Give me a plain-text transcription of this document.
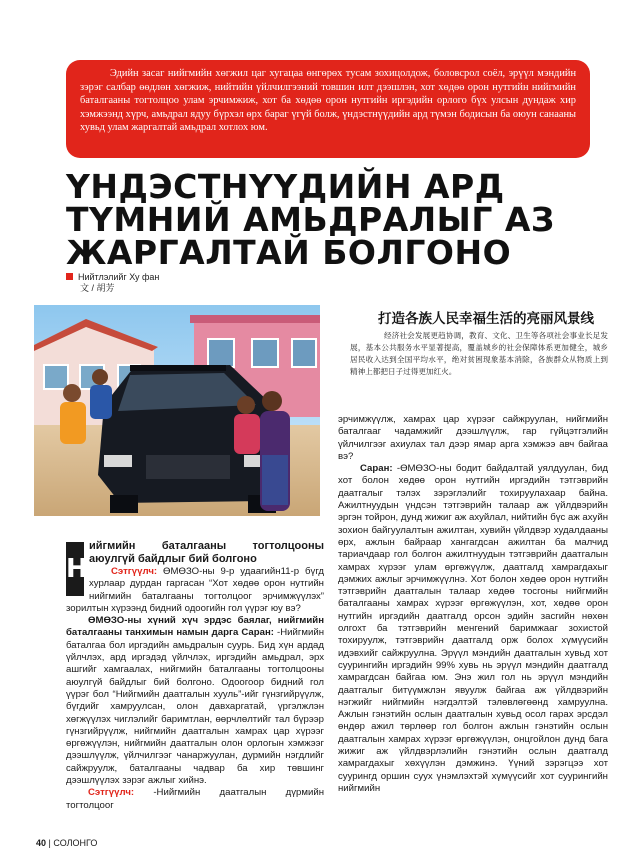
Эдийн засаг нийгмийн хөгжил цаг хугацаа өнгөрөх тусам зохицолдож, боловсрол соёл, эрүүл мэндийн зэрэг салбар өөдлөн хөгжиж, нийтийн үйлчилгээний товшин илт дээшлэн, хот хөдөө орон нутгийн нийгмийн баталгааны тогтолцоо улам эрчимжиж, хот ба хөдөө орон нутгийн иргэдийн орлого бүх улсын дундаж хир хэмжээнд хүрч, амьдрал ядуу бүрхэл өрх бараг үгүй болж, үндэстнүүдийн ард түмэн бодисын ба оюун санааны хувьд улам жаргалтай амьдрал хотлох юм.

ҮНДЭСТНҮҮДИЙН АРД
ТҮМНИЙ АМЬДРАЛЫГ АЗ
ЖАРГАЛТАЙ БОЛГОНО
Нийтлэлийг Ху фан
文 / 胡芳
打造各族人民幸福生活的亮丽风景线
经济社会发展更趋协调，教育、文化、卫生等各项社会事业长足发展，基本公共服务水平显著提高，覆盖城乡的社会保障体系更加健全，城乡居民收入达到全国平均水平，绝对贫困现象基本消除，各族群众从物质上到精神上都把日子过得更加红火。
Н

ийгмийн баталгааны тогтолцооны аюулгүй байдлыг бий болгоно

Сэтгүүлч: ӨМӨЗО-ны 9-р удаагийн11-р бүгд хурлаар дурдан гаргасан “Хот хөдөө орон нутгийн нийгмийн баталгааны тогтолцоог эрчимжүүлэх” зорилтын хүрээнд бидний одоогийн гол үүрэг юу вэ?

ӨМӨЗО-ны хүний хүч эрдэс баялаг, нийгмийн баталгааны танхимын намын дарга Саран: -Нийгмийн баталгаа бол иргэдийн амьдралын суурь. Бид хүн ардад үйлчлэх, ард иргэдэд үйлчлэх, иргэдийн амьдрал, эрх ашгийг хамгаалах, нийгмийн баталгааны тогтолцооны аюулгүй байдлыг бий болгоно. Одоогоор бидний гол үүрэг бол “Нийгмийн даатгалын хууль”-ийг гүнзгийрүүлж, бүгдийг хамруулсан, олон давхаргатай, үргэлжлэн хөгжүүлэх чиглэлийг баримтлан, өөрчлөлтийг тал бүрээр гүнзгийрүүлж, нийгмийн даатгалын хамрах цар хүрээг өргөжүүлэн, нийгмийн даатгалын олон орлогын хэмжээг дээшлүүлж, үйлчилгээг чанаржуулан, дурмийн нэгдлийг сайжруулж, баталгааны чадвар ба хир төвшинг дээшлүүлэх зэрэг ажлыг хийнэ.

Сэтгүүлч: -Нийгмийн даатгалын дүрмийн тогтолцоог

эрчимжүүлж, хамрах цар хүрээг сайжруулан, нийгмийн баталгааг чадамжийг дээшлүүлж, гар гүйцэтгэлийн үйлчилгээг ахиулах тал дээр ямар арга хэмжээ авч байгаа вэ?

Саран: -ӨМӨЗО-ны бодит байдалтай уялдуулан, бид хот болон хөдөө орон нутгийн иргэдийн тэтгэврийн даатгалыг тэлэх зэрэглэлийг тохируулахаар байна. Ажилтнуудын үндсэн тэтгэврийн талаар аж үйлдвэрийн эргэн тойрон, дунд жижиг аж ахуйлал, нийтийн бүс аж ахуйн зохион байгуулалтын ажилтан, хувийн үйлдвэр худалдааны өрх, ажлын байраар хангагдсан ажилтан ба малчид тариачдаар гол болгон ажилтнуудын тэтгэврийн даатгалын хамрах хүрээг улам өргөжүүлж, даатгалд хамрагдахыг дэмжих ажлыг эрчимжүүлнэ. Хот болон хөдөө орон нутгийн тэтгэврийн даатгалын талаар хөдөө тосгоны нийгмийн баталгааны хамрах хүрээг өргөжүүлэн, хот, хөдөө орон нутгийн иргэдийн даатгалд орсон эдийн засгийн нөхөн олгохт ба тэтгэврийн менгений баримжааг зохистой тохируулж, тэтгэврийн даатгалд орж болох хүмүүсийн идэвхийг сайжруулна. Эрүүл мэндийн даатгалын хувьд хот суурингийн иргэдийн 99% хувь нь эрүүл мэндийн даатгалд хамрагдсан байгаа юм. Энэ жил гол нь эрүүл мэндийн даатгалыг битүүмжлэн явуулж байгаа аж үйлдвэрийн нэгжийг нийгмийн нэгдэлтэй тэлөвлөгөөнд хамруулна. Ажлын гэнэтийн ослын даатгалын хувьд осол гарах эрсдэл өндөр ажил төрлөөр гол болгон ажлын гэнэтийн ослын даатгалын хамрах хүрээг өргөжүүлэн, онцгойлон дунд бага жижиг аж үйлдвэрлэлийн гэнэтийн ослын даатгалд хамрагдахыг хөхүүлэн дэмжинэ. Үүний зэрэгцээ хот суурингд оршин суух үнэмлэхтэй хүмүүсийг хот суурингийн нийгмийн

40 | СОЛОНГО
